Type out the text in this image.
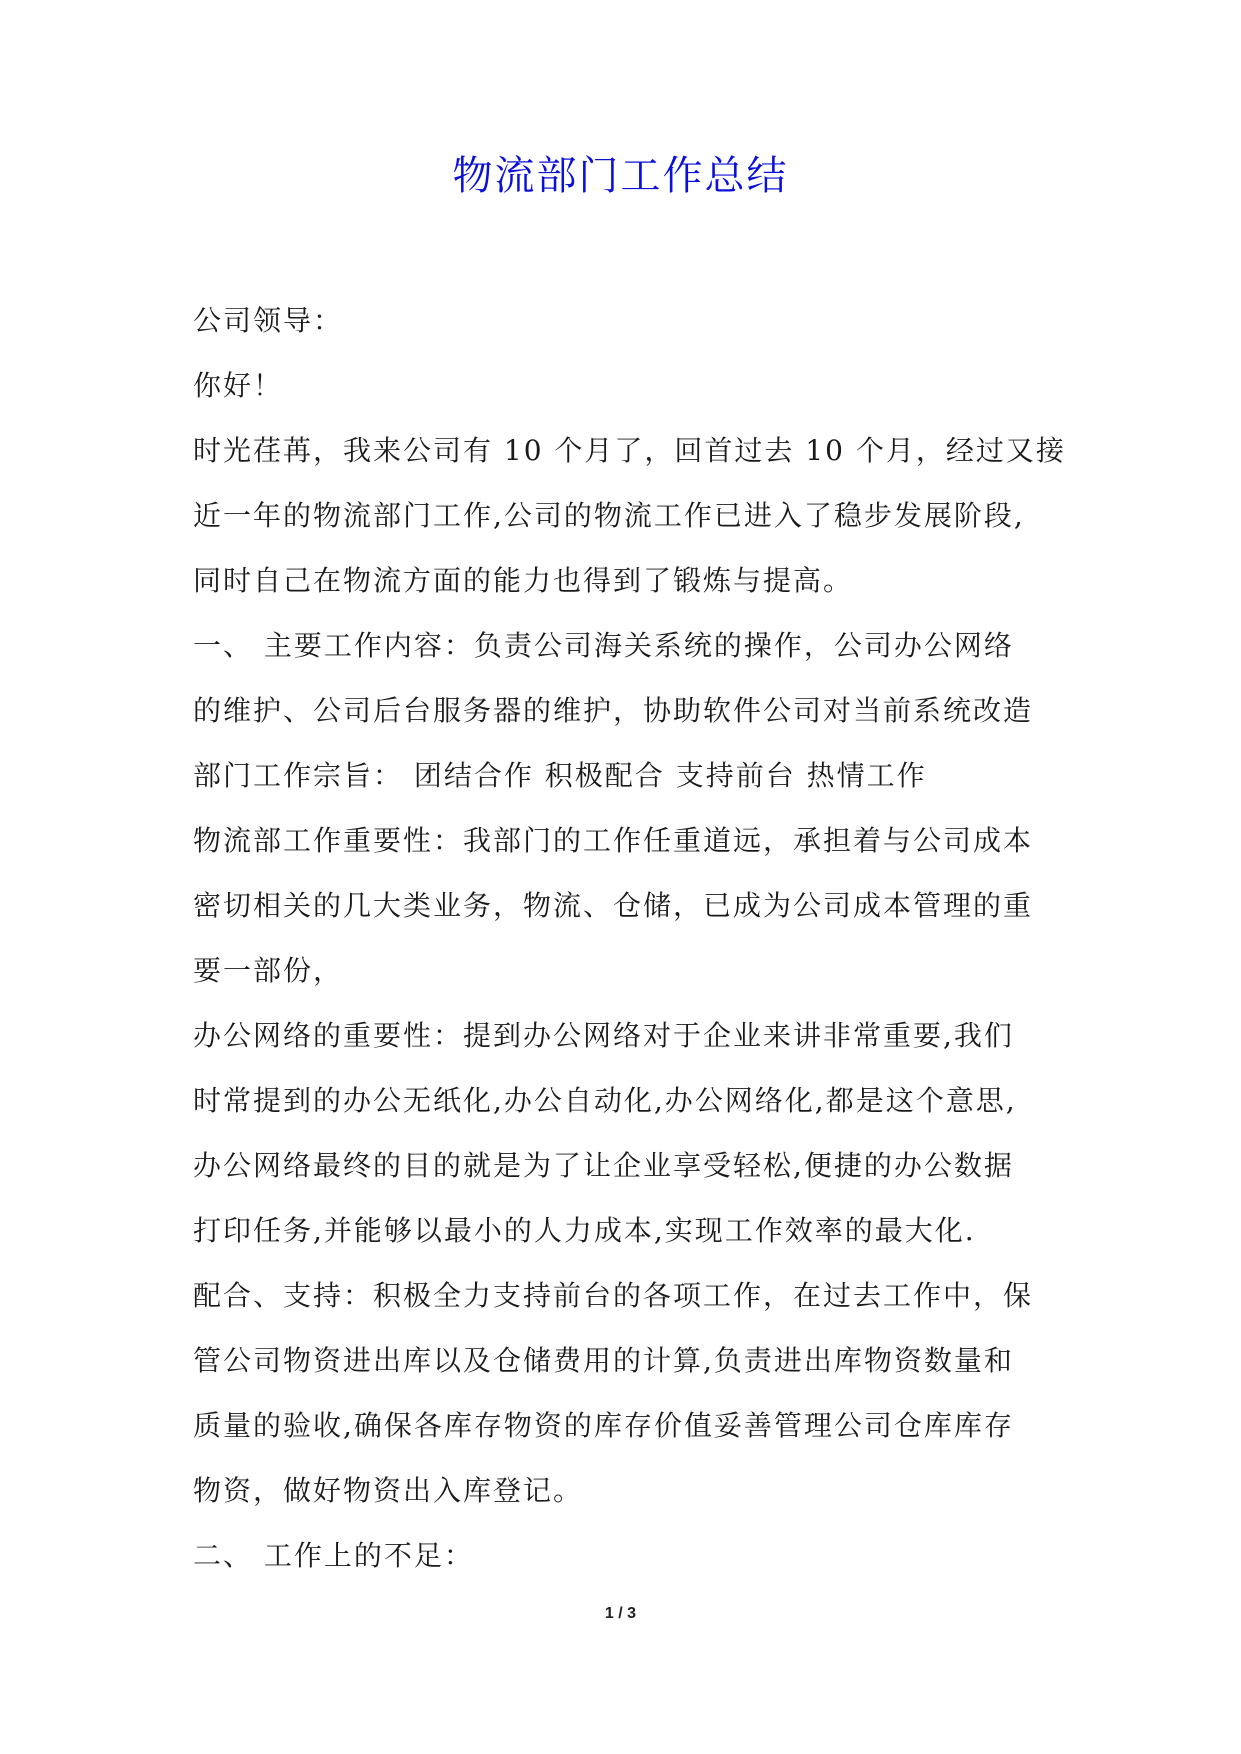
物流部门工作总结
公司领导：
你好！
时光荏苒，我来公司有 10 个月了，回首过去 10 个月，经过又接
近一年的物流部门工作,公司的物流工作已进入了稳步发展阶段,
同时自己在物流方面的能力也得到了锻炼与提高。
一、 主要工作内容：负责公司海关系统的操作，公司办公网络
的维护、公司后台服务器的维护，协助软件公司对当前系统改造
部门工作宗旨： 团结合作 积极配合 支持前台 热情工作
物流部工作重要性：我部门的工作任重道远，承担着与公司成本
密切相关的几大类业务，物流、仓储，已成为公司成本管理的重
要一部份，
办公网络的重要性：提到办公网络对于企业来讲非常重要,我们
时常提到的办公无纸化,办公自动化,办公网络化,都是这个意思,
办公网络最终的目的就是为了让企业享受轻松,便捷的办公数据
打印任务,并能够以最小的人力成本,实现工作效率的最大化.
配合、支持：积极全力支持前台的各项工作，在过去工作中，保
管公司物资进出库以及仓储费用的计算,负责进出库物资数量和
质量的验收,确保各库存物资的库存价值妥善管理公司仓库库存
物资，做好物资出入库登记。
二、 工作上的不足：
1 / 3
